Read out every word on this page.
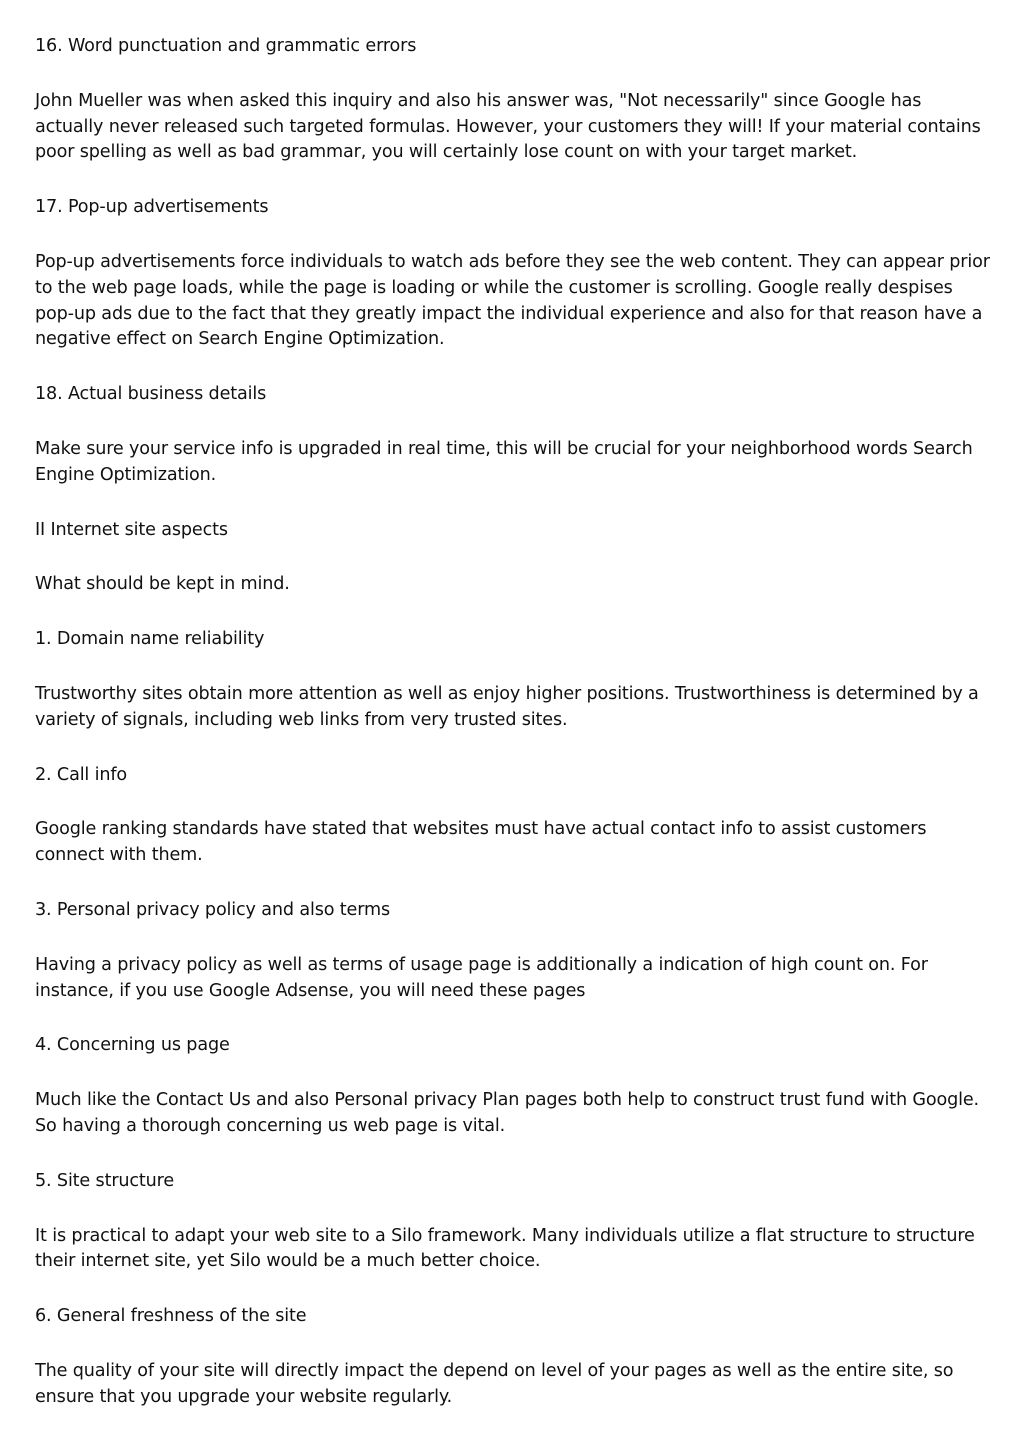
16. Word punctuation and grammatic errors

John Mueller was when asked this inquiry and also his answer was, "Not necessarily" since Google has actually never released such targeted formulas. However, your customers they will! If your material contains poor spelling as well as bad grammar, you will certainly lose count on with your target market.

17. Pop-up advertisements

Pop-up advertisements force individuals to watch ads before they see the web content. They can appear prior to the web page loads, while the page is loading or while the customer is scrolling. Google really despises pop-up ads due to the fact that they greatly impact the individual experience and also for that reason have a negative effect on Search Engine Optimization.

18. Actual business details

Make sure your service info is upgraded in real time, this will be crucial for your neighborhood words Search Engine Optimization.

II Internet site aspects

What should be kept in mind.

1. Domain name reliability

Trustworthy sites obtain more attention as well as enjoy higher positions. Trustworthiness is determined by a variety of signals, including web links from very trusted sites.

2. Call info

Google ranking standards have stated that websites must have actual contact info to assist customers connect with them.

3. Personal privacy policy and also terms

Having a privacy policy as well as terms of usage page is additionally a indication of high count on. For instance, if you use Google Adsense, you will need these pages

4. Concerning us page

Much like the Contact Us and also Personal privacy Plan pages both help to construct trust fund with Google. So having a thorough concerning us web page is vital.

5. Site structure

It is practical to adapt your web site to a Silo framework. Many individuals utilize a flat structure to structure their internet site, yet Silo would be a much better choice.

6. General freshness of the site

The quality of your site will directly impact the depend on level of your pages as well as the entire site, so ensure that you upgrade your website regularly.
